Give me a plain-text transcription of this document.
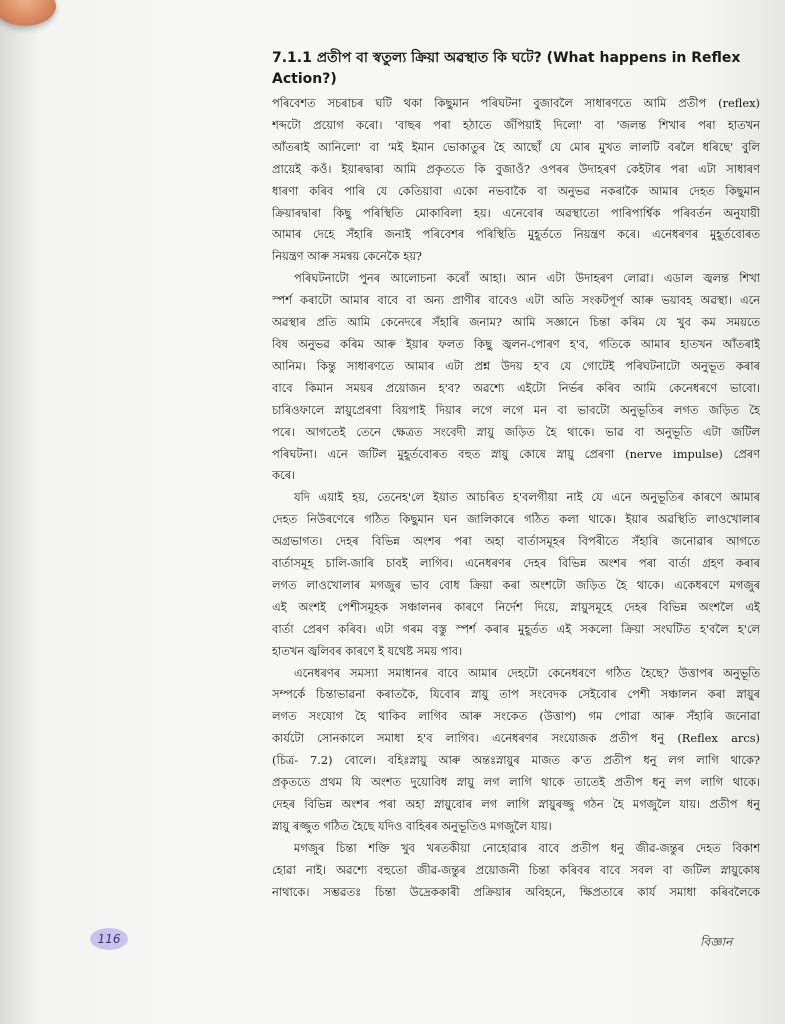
7.1.1 প্ৰতীপ বা স্বতুল্য ক্ৰিয়া অৱস্থাত কি ঘটে? (What happens in Reflex
Action?)

পৰিবেশত সচৰাচৰ ঘটি থকা কিছুমান পৰিঘটনা বুজাবলৈ সাধাৰণতে আমি প্ৰতীপ (reflex)
শব্দটো প্ৰয়োগ কৰো। 'বাছৰ পৰা হঠাতে জঁপিয়াই দিলো' বা 'জলন্ত শিখাৰ পৰা হাতখন
আঁতৰাই আনিলো' বা 'মই ইমান ভোকাতুৰ হৈ আছোঁ যে মোৰ মুখত লালটি বৰলৈ ধৰিছে' বুলি
প্ৰায়েই কওঁ। ইয়াৰদ্বাৰা আমি প্ৰকৃততে কি বুজাওঁ? ওপৰৰ উদাহৰণ কেইটাৰ পৰা এটা সাধাৰণ
ধাৰণা কৰিব পাৰি যে কেতিয়াবা একো নভবাকৈ বা অনুভৱ নকৰাকৈ আমাৰ দেহত কিছুমান
ক্ৰিয়াৰদ্বাৰা কিছু পৰিস্থিতি মোকাবিলা হয়। এনেবোৰ অৱস্থাতো পাৰিপাৰ্শ্বিক পৰিবৰ্তন অনুযায়ী
আমাৰ দেহে সঁহাৰি জনাই পৰিবেশৰ পৰিস্থিতি মুহূৰ্ততে নিয়ন্ত্ৰণ কৰে। এনেধৰণৰ মুহূৰ্তবোৰত
নিয়ন্ত্ৰণ আৰু সমন্বয় কেনেকৈ হয়?

পৰিঘটনাটো পুনৰ আলোচনা কৰোঁ আহা। আন এটা উদাহৰণ লোৱা। এডাল জ্বলন্ত শিখা
স্পৰ্শ কৰাটো আমাৰ বাবে বা অন্য প্ৰাণীৰ বাবেও এটা অতি সংকটপূৰ্ণ আৰু ভয়াবহ অৱস্থা। এনে
অৱস্থাৰ প্ৰতি আমি কেনেদৰে সঁহাৰি জনাম? আমি সজ্ঞানে চিন্তা কৰিম যে খুব কম সময়তে
বিষ অনুভৱ কৰিম আৰু ইয়াৰ ফলত কিছু জ্বলন-পোৰণ হ'ব, গতিকে আমাৰ হাতখন আঁতৰাই
আনিম। কিন্তু সাধাৰণতে আমাৰ এটা প্ৰশ্ন উদয় হ'ব যে গোটেই পৰিঘটনাটো অনুভূত কৰাৰ
বাবে কিমান সময়ৰ প্ৰয়োজন হ'ব? অৱশ্যে এইটো নিৰ্ভৰ কৰিব আমি কেনেধৰণে ভাবো।
চাৰিওফালে স্নায়ুপ্ৰেৰণা বিয়পাই দিয়াৰ লগে লগে মন বা ভাবটো অনুভূতিৰ লগত জড়িত হৈ
পৰে। আগতেই তেনে ক্ষেত্ৰত সংবেদী স্নায়ু জড়িত হৈ থাকে। ভাৱ বা অনুভূতি এটা জটিল
পৰিঘটনা। এনে জটিল মুহূৰ্তবোৰত বহুত স্নায়ু কোষে স্নায়ু প্ৰেৰণা (nerve impulse) প্ৰেৰণ
কৰে।

যদি এয়াই হয়, তেনেহ'লে ইয়াত আচৰিত হ'বলগীয়া নাই যে এনে অনুভূতিৰ কাৰণে আমাৰ
দেহত নিউৰণেৰে গঠিত কিছুমান ঘন জালিকাৰে গঠিত কলা থাকে। ইয়াৰ অৱস্থিতি লাওখোলাৰ
অগ্ৰভাগত। দেহৰ বিভিন্ন অংশৰ পৰা অহা বাৰ্তাসমূহৰ বিপৰীতে সঁহাৰি জনোৱাৰ আগতে
বাৰ্তাসমূহ চালি-জাৰি চাবই লাগিব। এনেধৰণৰ দেহৰ বিভিন্ন অংশৰ পৰা বাৰ্তা গ্ৰহণ কৰাৰ
লগত লাওখোলাৰ মগজুৰ ভাব বোধ ক্ৰিয়া কৰা অংশটো জড়িত হৈ থাকে। একেধৰণে মগজুৰ
এই অংশই পেশীসমূহক সঞ্চালনৰ কাৰণে নিৰ্দেশ দিয়ে, স্নায়ুসমূহে দেহৰ বিভিন্ন অংশলৈ এই
বাৰ্তা প্ৰেৰণ কৰিব। এটা গৰম বস্তু স্পৰ্শ কৰাৰ মুহূৰ্তত এই সকলো ক্ৰিয়া সংঘটিত হ'বলৈ হ'লে
হাতখন জ্বলিবৰ কাৰণে ই যথেষ্ট সময় পাব।

এনেধৰণৰ সমস্যা সমাধানৰ বাবে আমাৰ দেহটো কেনেধৰণে গঠিত হৈছে? উত্তাপৰ অনুভূতি
সম্পৰ্কে চিন্তাভাৱনা কৰাতকৈ, যিবোৰ স্নায়ু তাপ সংবেদক সেইবোৰ পেশী সঞ্চালন কৰা স্নায়ুৰ
লগত সংযোগ হৈ থাকিব লাগিব আৰু সংকেত (উত্তাপ) গম পোৱা আৰু সঁহাৰি জনোৱা
কাৰ্যটো সোনকালে সমাধা হ'ব লাগিব। এনেধৰণৰ সংযোজক প্ৰতীপ ধনু (Reflex arcs)
(চিত্ৰ- 7.2) বোলে। বহিঃস্নায়ু আৰু অন্তঃস্নায়ুৰ মাজত ক'ত প্ৰতীপ ধনু লগ লাগি থাকে?
প্ৰকৃততে প্ৰথম যি অংশত দুয়োবিধ স্নায়ু লগ লাগি থাকে তাতেই প্ৰতীপ ধনু লগ লাগি থাকে।
দেহৰ বিভিন্ন অংশৰ পৰা অহা স্নায়ুবোৰ লগ লাগি স্নায়ুৰজ্জু গঠন হৈ মগজুলৈ যায়। প্ৰতীপ ধনু
স্নায়ু ৰজ্জুত গঠিত হৈছে যদিও বাহিৰৰ অনুভূতিও মগজুলৈ যায়।

মগজুৰ চিন্তা শক্তি খুব খৰতকীয়া নোহোৱাৰ বাবে প্ৰতীপ ধনু জীৱ-জন্তুৰ দেহত বিকাশ
হোৱা নাই। অৱশ্যে বহুতো জীৱ-জন্তুৰ প্ৰয়োজনী চিন্তা কৰিবৰ বাবে সবল বা জটিল স্নায়ুকোষ
নাথাকে। সম্ভৱতঃ চিন্তা উদ্ৰেককাৰী প্ৰক্ৰিয়াৰ অবিহনে, ক্ষিপ্ৰতাৰে কাৰ্য সমাধা কৰিবলৈকে

116	বিজ্ঞান
